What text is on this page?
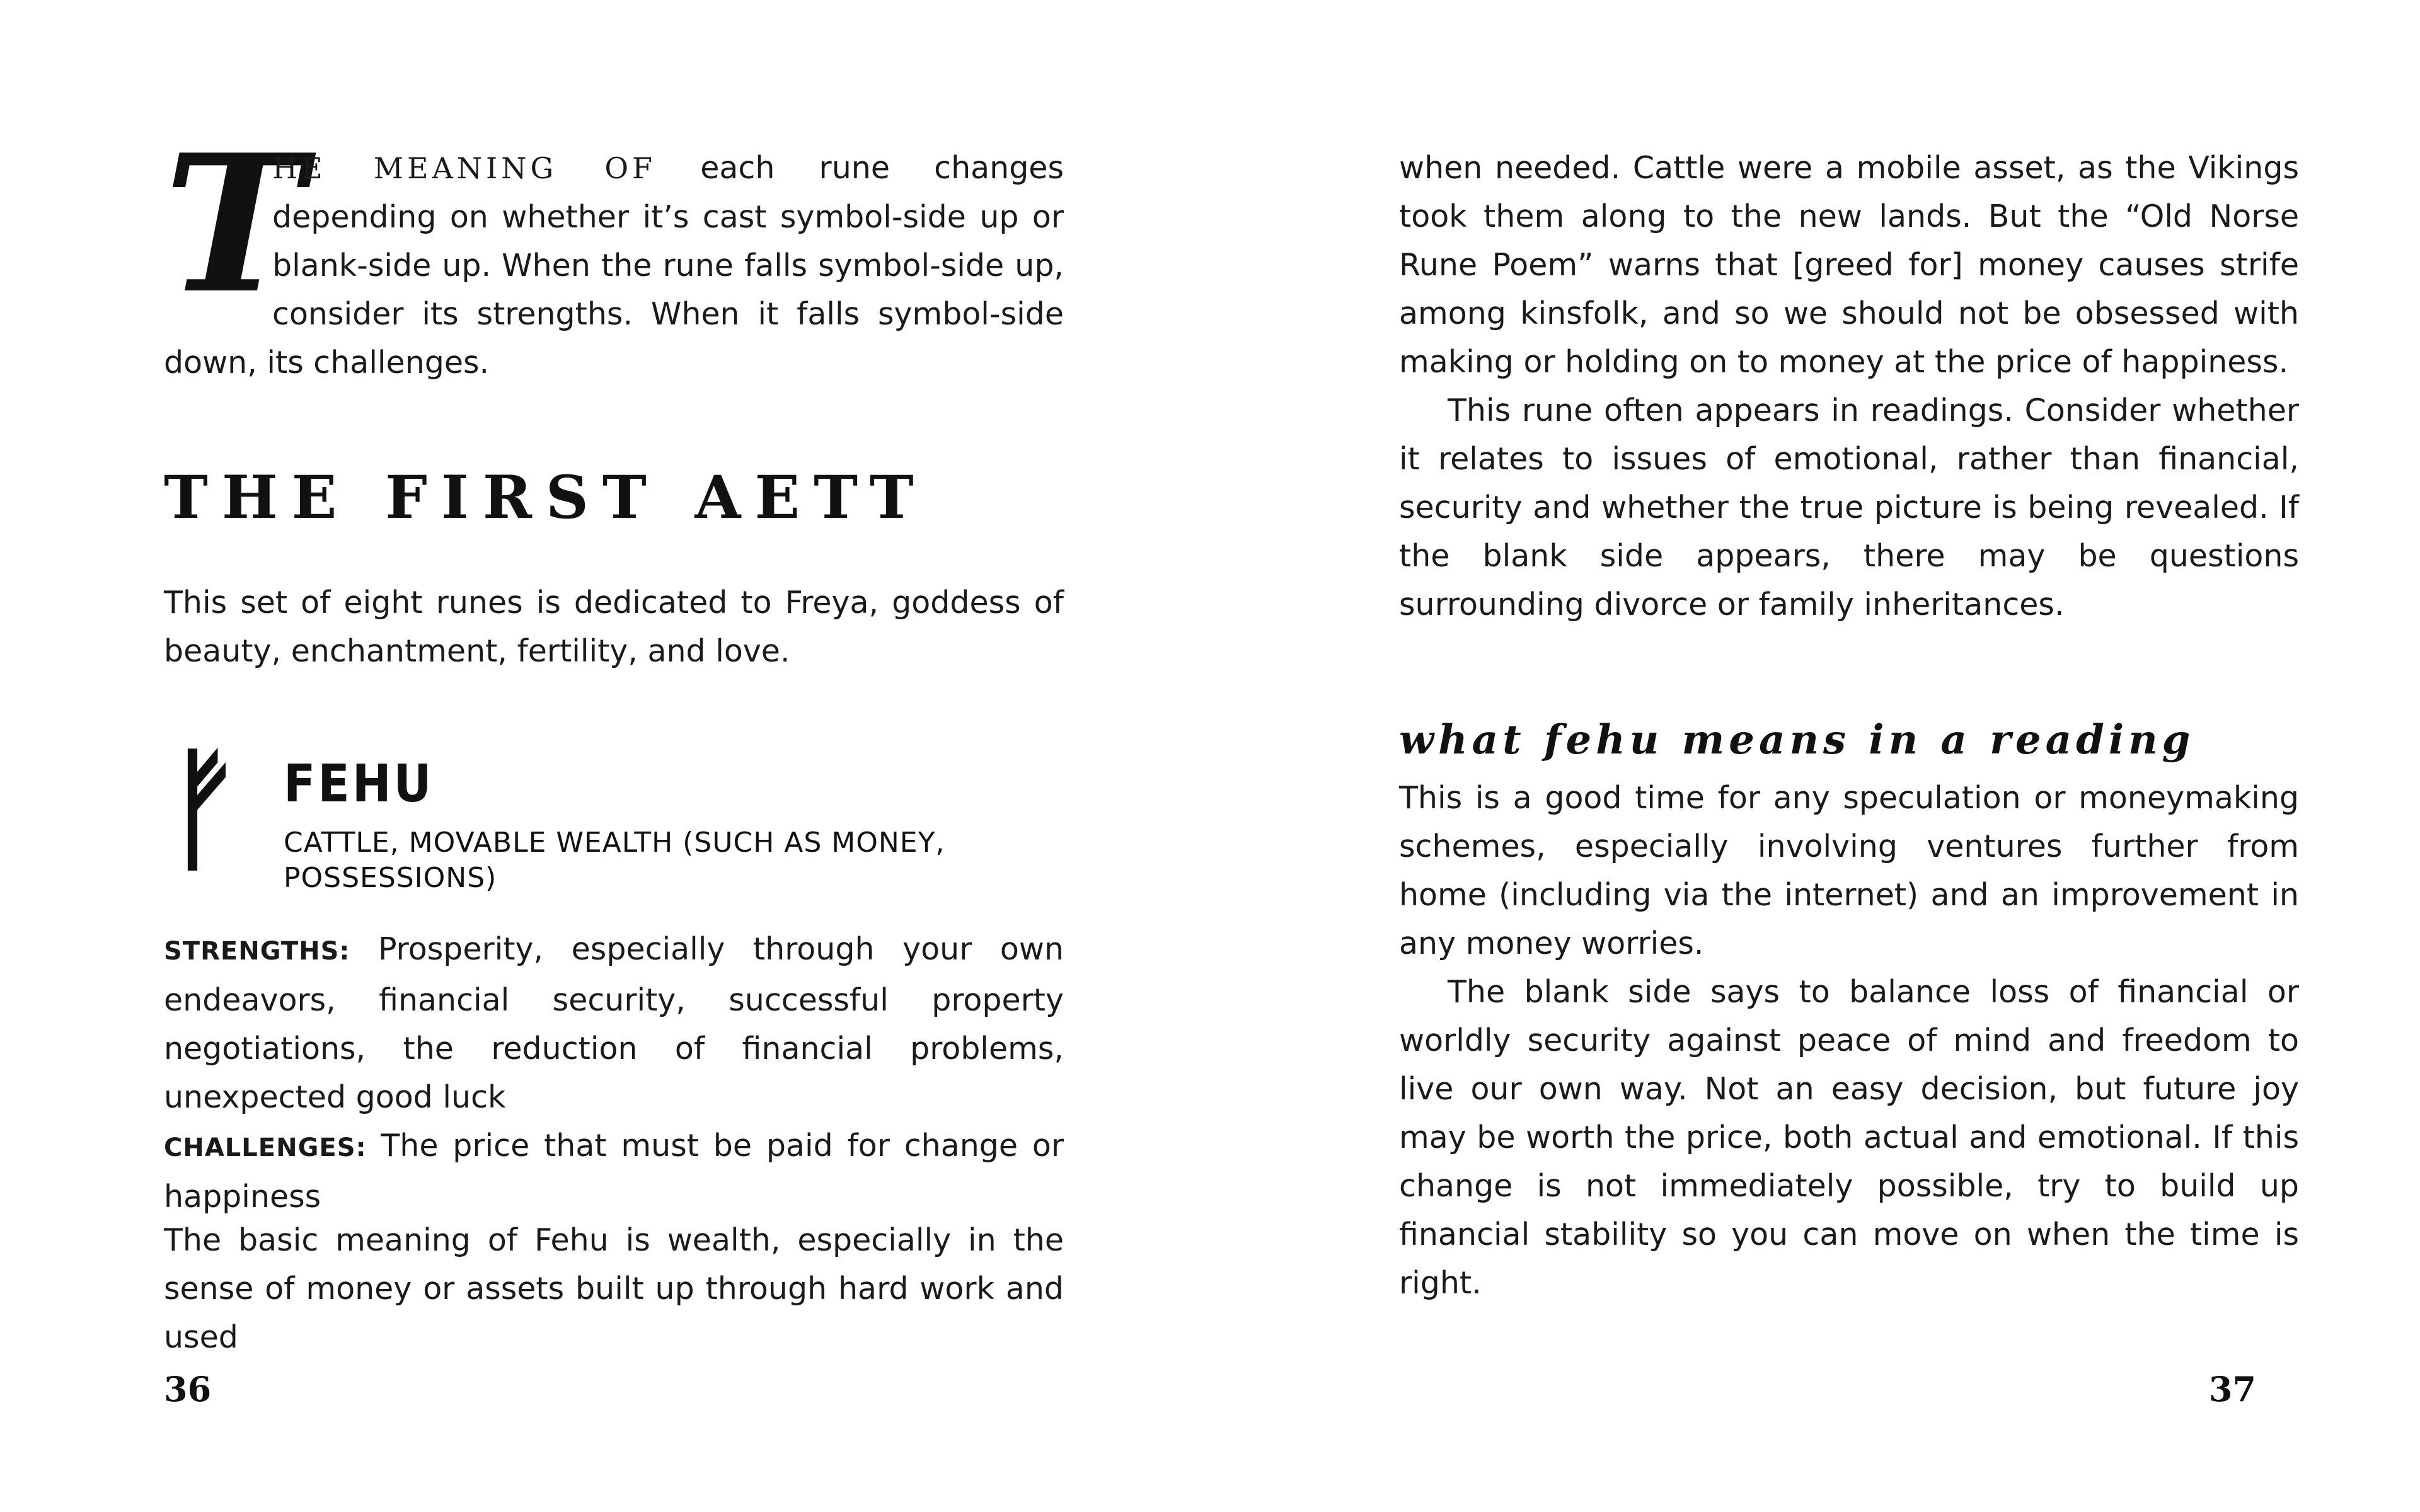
T

HE MEANING OF each rune changes depending on whether it’s cast symbol-side up or blank-side up. When the rune falls symbol-side up, consider its strengths. When it falls symbol-side down, its challenges.

THE FIRST AETT

This set of eight runes is dedicated to Freya, goddess of beauty, enchantment, fertility, and love.

ᚠ FEHU

CATTLE, MOVABLE WEALTH (SUCH AS MONEY, POSSESSIONS)

STRENGTHS: Prosperity, especially through your own endeavors, financial security, successful property negotiations, the reduction of financial problems, unexpected good luck

CHALLENGES: The price that must be paid for change or happiness

The basic meaning of Fehu is wealth, especially in the sense of money or assets built up through hard work and used

36

when needed. Cattle were a mobile asset, as the Vikings took them along to the new lands. But the “Old Norse Rune Poem” warns that [greed for] money causes strife among kinsfolk, and so we should not be obsessed with making or holding on to money at the price of happiness.

This rune often appears in readings. Consider whether it relates to issues of emotional, rather than financial, security and whether the true picture is being revealed. If the blank side appears, there may be questions surrounding divorce or family inheritances.

what fehu means in a reading

This is a good time for any speculation or moneymaking schemes, especially involving ventures further from home (including via the internet) and an improvement in any money worries.

The blank side says to balance loss of financial or worldly security against peace of mind and freedom to live our own way. Not an easy decision, but future joy may be worth the price, both actual and emotional. If this change is not immediately possible, try to build up financial stability so you can move on when the time is right.

37
